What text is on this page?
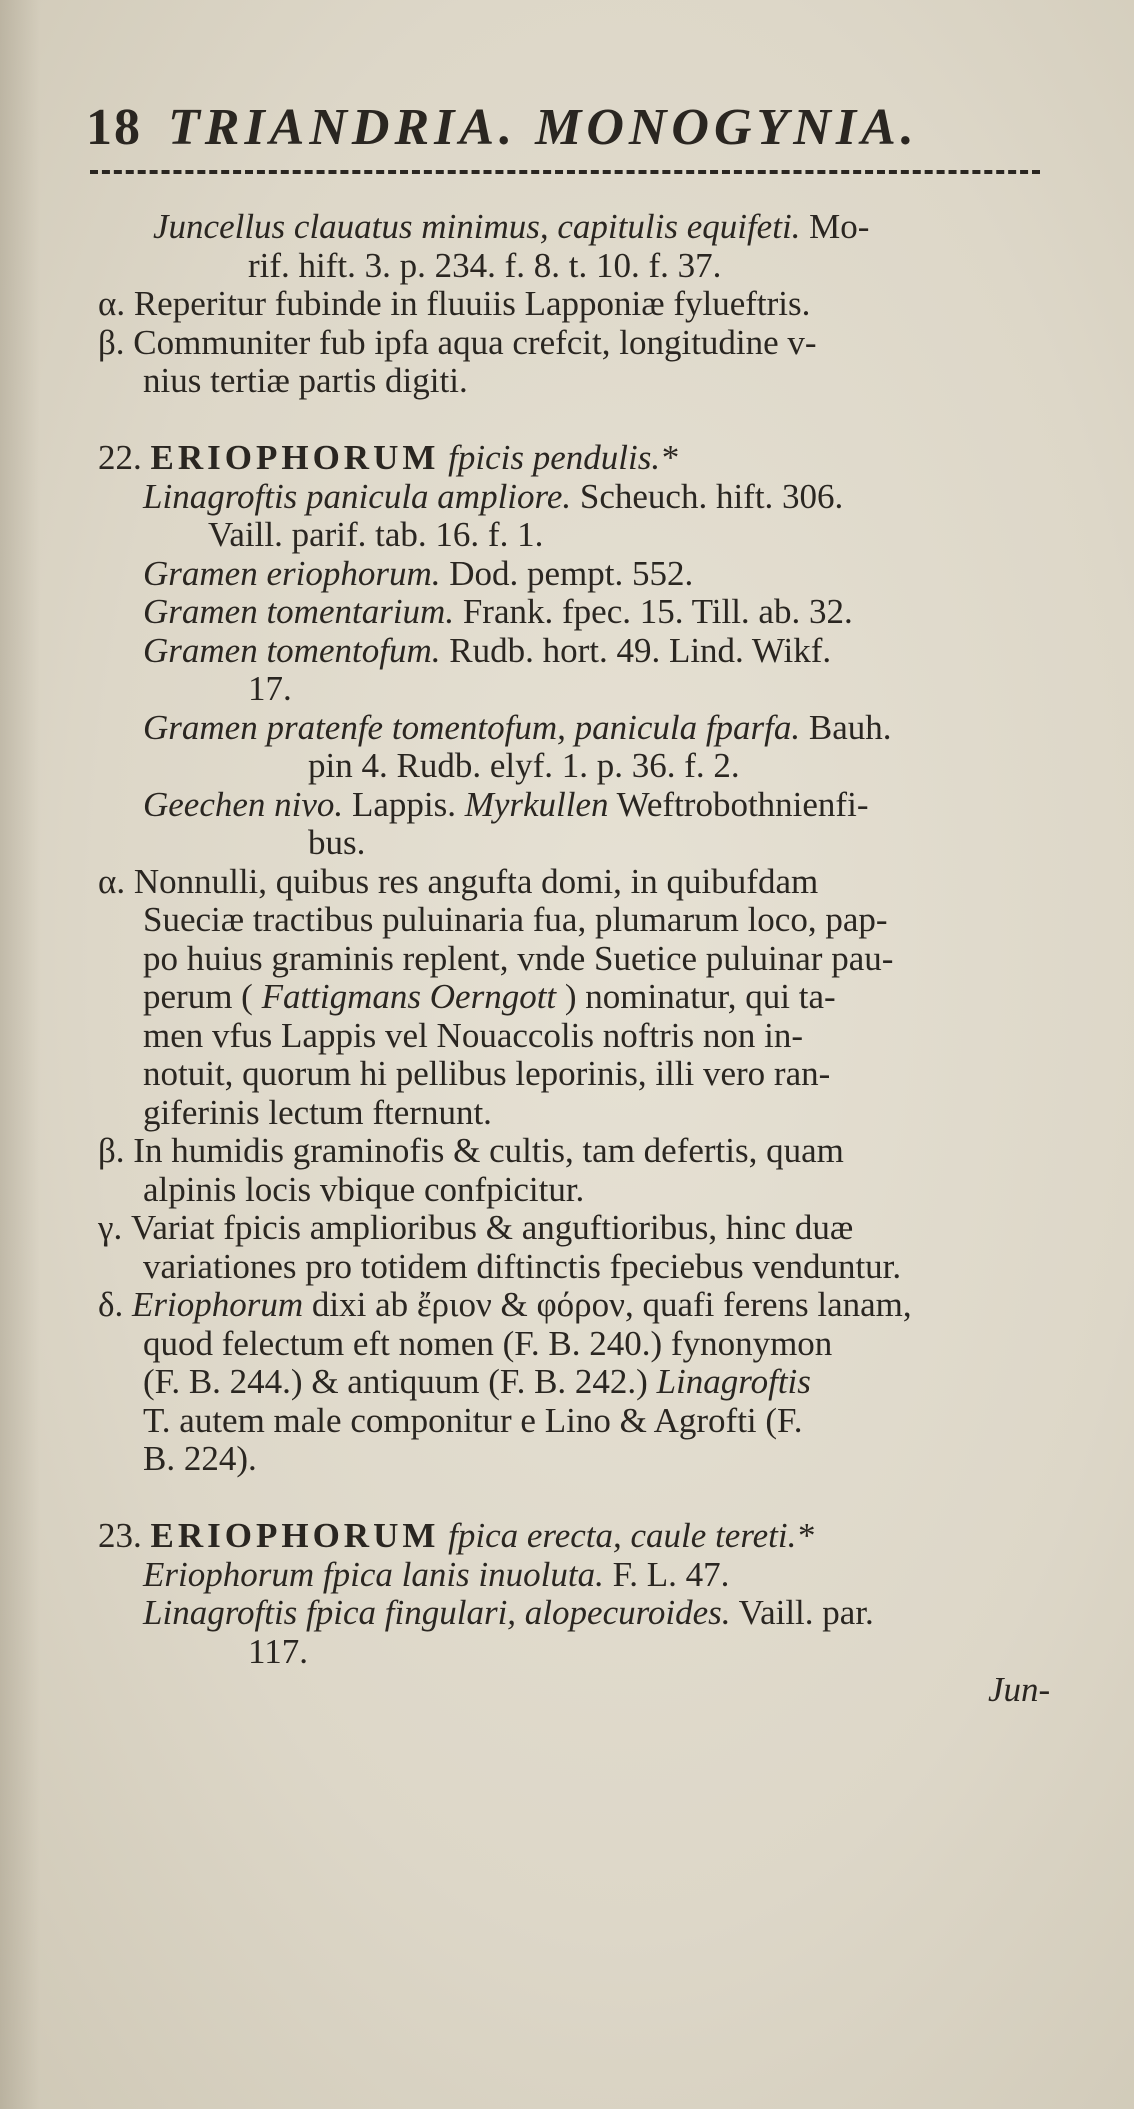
18 TRIANDRIA. MONOGYNIA.
Juncellus clauatus minimus, capitulis equifeti. Mo-
rif. hift. 3. p. 234. f. 8. t. 10. f. 37.
α. Reperitur fubinde in fluuiis Lapponiæ fylueftris.
β. Communiter fub ipfa aqua crefcit, longitudine v-
nius tertiæ partis digiti.
22. ERIOPHORUM fpicis pendulis.*
Linagroftis panicula ampliore. Scheuch. hift. 306.
Vaill. parif. tab. 16. f. 1.
Gramen eriophorum. Dod. pempt. 552.
Gramen tomentarium. Frank. fpec. 15. Till. ab. 32.
Gramen tomentofum. Rudb. hort. 49. Lind. Wikf.
17.
Gramen pratenfe tomentofum, panicula fparfa. Bauh.
pin 4. Rudb. elyf. 1. p. 36. f. 2.
Geechen nivo. Lappis. Myrkullen Weftrobothnienfi-
bus.
α. Nonnulli, quibus res angufta domi, in quibufdam
Sueciæ tractibus puluinaria fua, plumarum loco, pap-
po huius graminis replent, vnde Suetice puluinar pau-
perum ( Fattigmans Oerngott ) nominatur, qui ta-
men vfus Lappis vel Nouaccolis noftris non in-
notuit, quorum hi pellibus leporinis, illi vero ran-
giferinis lectum fternunt.
β. In humidis graminofis & cultis, tam defertis, quam
alpinis locis vbique confpicitur.
γ. Variat fpicis amplioribus & anguftioribus, hinc duæ
variationes pro totidem diftinctis fpeciebus venduntur.
δ. Eriophorum dixi ab ἔριον & φόρον, quafi ferens lanam,
quod felectum eft nomen (F. B. 240.) fynonymon
(F. B. 244.) & antiquum (F. B. 242.) Linagroftis
T. autem male componitur e Lino & Agrofti (F.
B. 224).
23. ERIOPHORUM fpica erecta, caule tereti.*
Eriophorum fpica lanis inuoluta. F. L. 47.
Linagroftis fpica fingulari, alopecuroides. Vaill. par.
117.
Jun-
